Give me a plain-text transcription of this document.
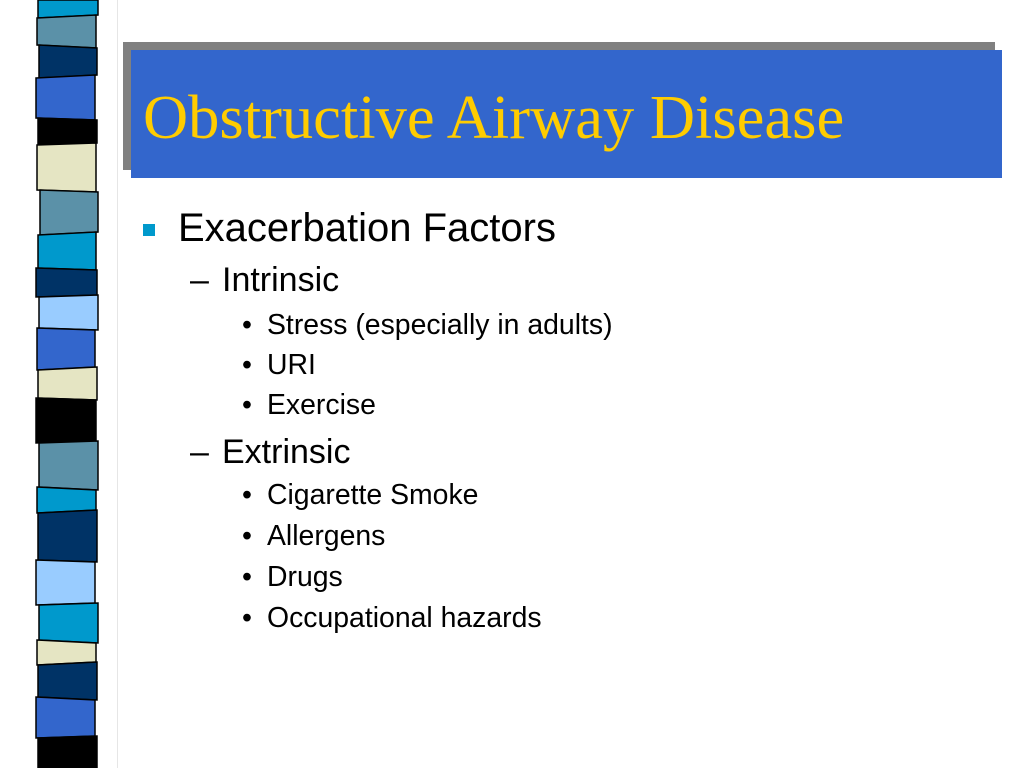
Obstructive Airway Disease
Exacerbation Factors
– Intrinsic
• Stress (especially in adults)
• URI
• Exercise
– Extrinsic
• Cigarette Smoke
• Allergens
• Drugs
• Occupational hazards
